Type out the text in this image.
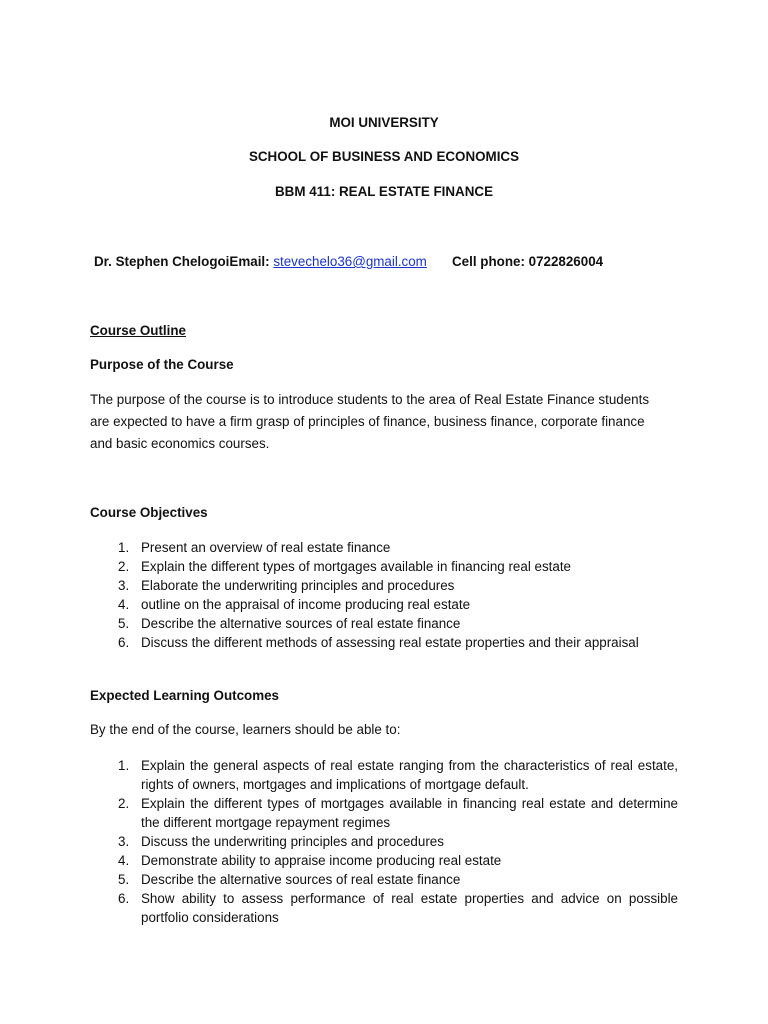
MOI UNIVERSITY
SCHOOL OF BUSINESS AND ECONOMICS
BBM 411: REAL ESTATE FINANCE
Dr. Stephen ChelogoiEmail: stevechelo36@gmail.com Cell phone: 0722826004
Course Outline
Purpose of the Course

The purpose of the course is to introduce students to the area of Real Estate Finance students

are expected to have a firm grasp of principles of finance, business finance, corporate finance

and basic economics courses.

Course Objectives
1. Present an overview of real estate finance
2. Explain the different types of mortgages available in financing real estate
3. Elaborate the underwriting principles and procedures
4. outline on the appraisal of income producing real estate
5. Describe the alternative sources of real estate finance
6. Discuss the different methods of assessing real estate properties and their appraisal
Expected Learning Outcomes
By the end of the course, learners should be able to:
1. Explain the general aspects of real estate ranging from the characteristics of real estate, rights of owners, mortgages and implications of mortgage default.
2. Explain the different types of mortgages available in financing real estate and determine the different mortgage repayment regimes
3. Discuss the underwriting principles and procedures
4. Demonstrate ability to appraise income producing real estate
5. Describe the alternative sources of real estate finance
6. Show ability to assess performance of real estate properties and advice on possible portfolio considerations
